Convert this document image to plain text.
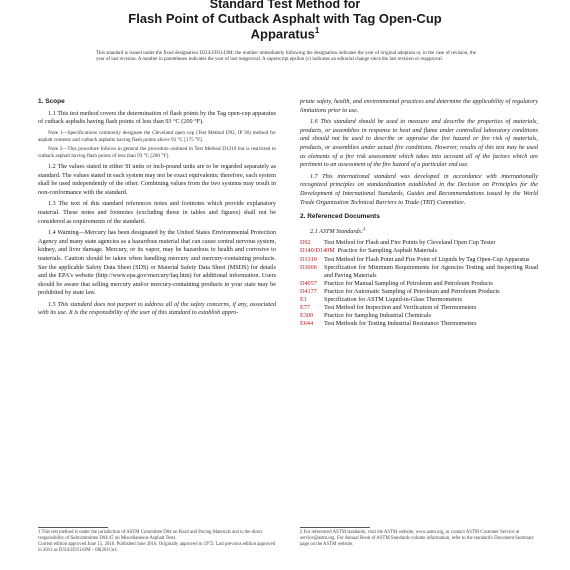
Standard Test Method for
Flash Point of Cutback Asphalt with Tag Open-Cup
Apparatus$^1$
This standard is issued under the fixed designation D3143/D3143M; the number immediately following the designation indicates the year of original adoption or, in the case of revision, the year of last revision. A number in parentheses indicates the year of last reapproval. A superscript epsilon (ε) indicates an editorial change since the last revision or reapproval.
1. Scope
1.1 This test method covers the determination of flash points by the Tag open-cup apparatus of cutback asphalts having flash points of less than 93 °C (200 °F).
Note 1—Specifications commonly designate the Cleveland open cup (Test Method D92, IP 36) method for asphalt cements and cutback asphalts having flash points above 93 °C [175 °F].
Note 2—This procedure follows in general the procedure outlined in Test Method D1310 but is restricted to cutback asphalt having flash points of less than 93 °C [200 °F].
1.2 The values stated in either SI units or inch-pound units are to be regarded separately as standard. The values stated in each system may not be exact equivalents; therefore, each system shall be used independently of the other. Combining values from the two systems may result in non-conformance with the standard.
1.3 The text of this standard references notes and footnotes which provide explanatory material. These notes and footnotes (excluding those in tables and figures) shall not be considered as requirements of the standard.
1.4 Warning—Mercury has been designated by the United States Environmental Protection Agency and many state agencies as a hazardous material that can cause central nervous system, kidney, and liver damage. Mercury, or its vapor, may be hazardous to health and corrosive to materials. Caution should be taken when handling mercury and mercury-containing products. See the applicable Safety Data Sheet (SDS) or Material Safety Data Sheet (MSDS) for details and the EPA's website (http://www.epa.gov/mercury/faq.htm) for additional information. Users should be aware that selling mercury and/or mercury-containing products in your state may be prohibited by state law.
1.5 This standard does not purport to address all of the safety concerns, if any, associated with its use. It is the responsibility of the user of this standard to establish appro-
priate safety, health, and environmental practices and determine the applicability of regulatory limitations prior to use.
1.6 This standard should be used to measure and describe the properties of materials, products, or assemblies in response to heat and flame under controlled laboratory conditions and should not be used to describe or appraise the fire hazard or fire risk of materials, products, or assemblies under actual fire conditions. However, results of this test may be used as elements of a fire risk assessment which takes into account all of the factors which are pertinent to an assessment of the fire hazard of a particular end use.
1.7 This international standard was developed in accordance with internationally recognized principles on standardization established in the Decision on Principles for the Development of International Standards, Guides and Recommendations issued by the World Trade Organization Technical Barriers to Trade (TBT) Committee.
2. Referenced Documents
2.1 ASTM Standards:$^2$
D92	Test Method for Flash and Fire Points by Cleveland Open Cup Tester
D140/D140M Practice for Sampling Asphalt Materials
D1310	Test Method for Flash Point and Fire Point of Liquids by Tag Open-Cup Apparatus
D3666	Specification for Minimum Requirements for Agencies Testing and Inspecting Road and Paving Materials
D4057	Practice for Manual Sampling of Petroleum and Petroleum Products
D4177	Practice for Automatic Sampling of Petroleum and Petroleum Products
E1	Specification for ASTM Liquid-in-Glass Thermometers
E77	Test Method for Inspection and Verification of Thermometers
E300	Practice for Sampling Industrial Chemicals
E644	Test Methods for Testing Industrial Resistance Thermometers
1 This test method is under the jurisdiction of ASTM Committee D04 on Road and Paving Materials and is the direct responsibility of Subcommittee D04.47 on Miscellaneous Asphalt Tests.
Current edition approved June 15, 2016. Published June 2016. Originally approved in 1972. Last previous edition approved in 2011 as D3143/D3143M – 08(2011)ε1.
2 For referenced ASTM standards, visit the ASTM website, www.astm.org, or contact ASTM Customer Service at service@astm.org. For Annual Book of ASTM Standards volume information, refer to the standard's Document Summary page on the ASTM website.
